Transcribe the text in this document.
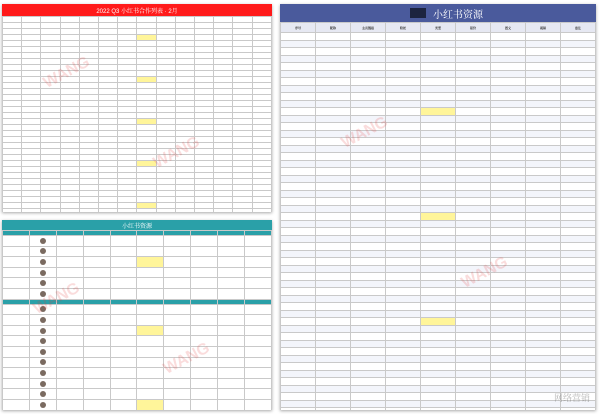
2022 Q3 小红书合作列表 · 2月

WANG
WANG
小红书资源
序号	昵称	主页链接	粉丝	类型	报价	图文	视频	备注

WANG
网络营销
小红书资源

WANG
